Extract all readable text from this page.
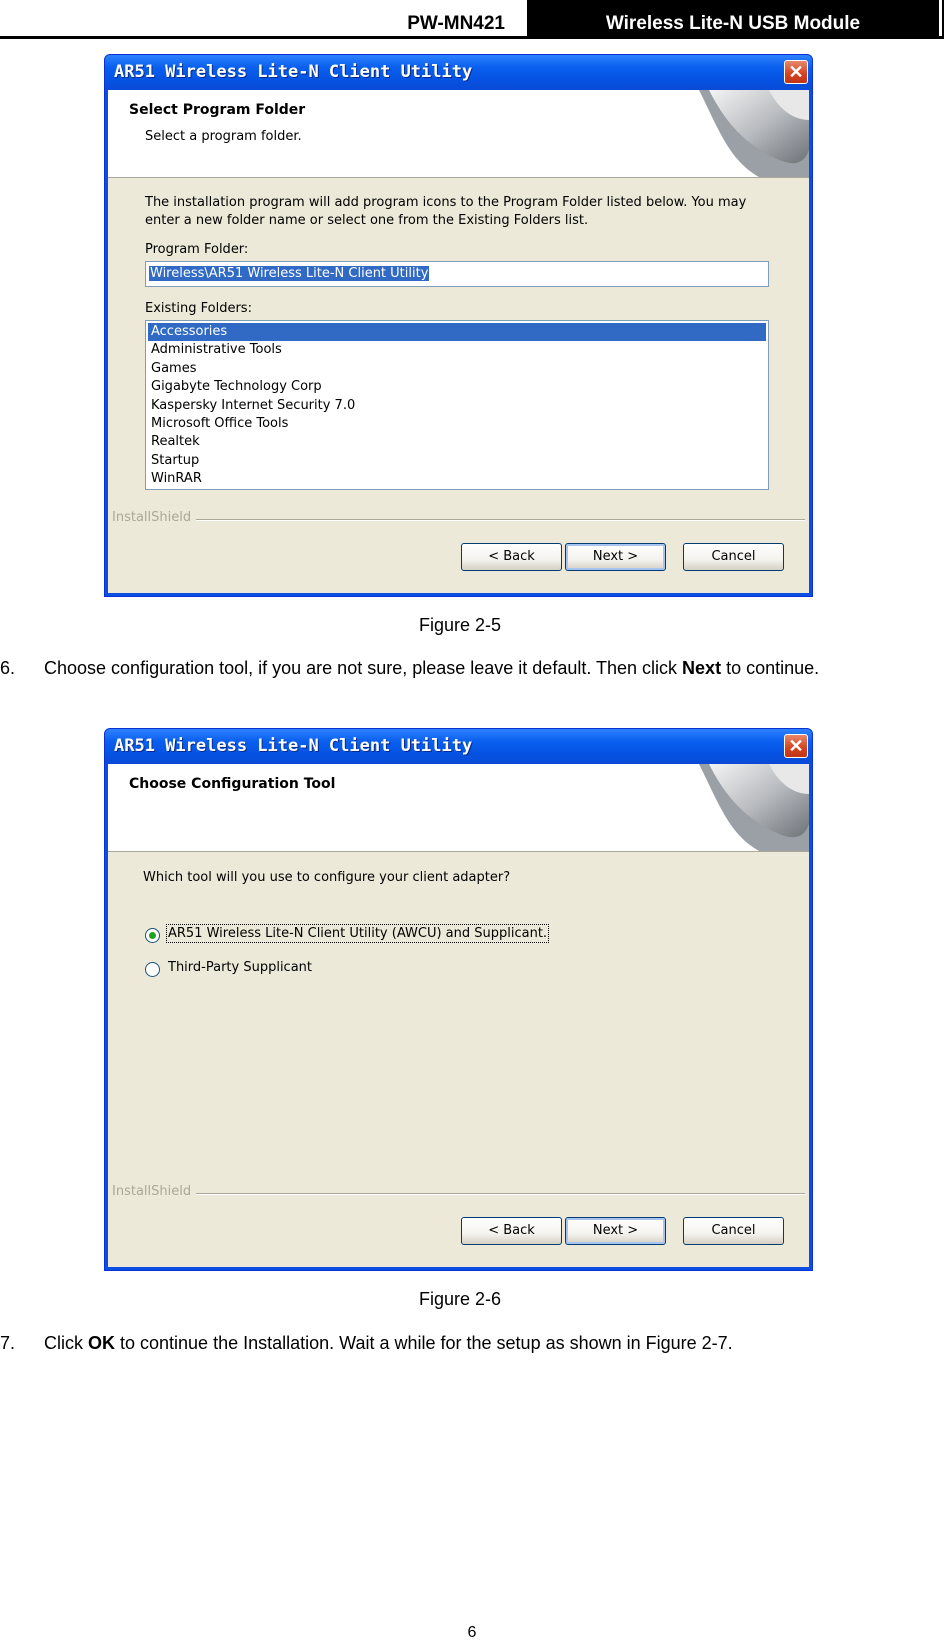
PW-MN421	Wireless Lite-N USB Module
AR51 Wireless Lite-N Client Utility	✕
Select Program Folder
Select a program folder.
The installation program will add program icons to the Program Folder listed below. You may
enter a new folder name or select one from the Existing Folders list.
Program Folder:
Wireless\AR51 Wireless Lite-N Client Utility
Existing Folders:
Accessories
Administrative Tools
Games
Gigabyte Technology Corp
Kaspersky Internet Security 7.0
Microsoft Office Tools
Realtek
Startup
WinRAR
InstallShield
< Back	Next >	Cancel
Figure 2-5
6. Choose configuration tool, if you are not sure, please leave it default. Then click Next to continue.
AR51 Wireless Lite-N Client Utility	✕
Choose Configuration Tool
Which tool will you use to configure your client adapter?
AR51 Wireless Lite-N Client Utility (AWCU) and Supplicant.
Third-Party Supplicant
InstallShield
< Back	Next >	Cancel
Figure 2-6
7. Click OK to continue the Installation. Wait a while for the setup as shown in Figure 2-7.
6
